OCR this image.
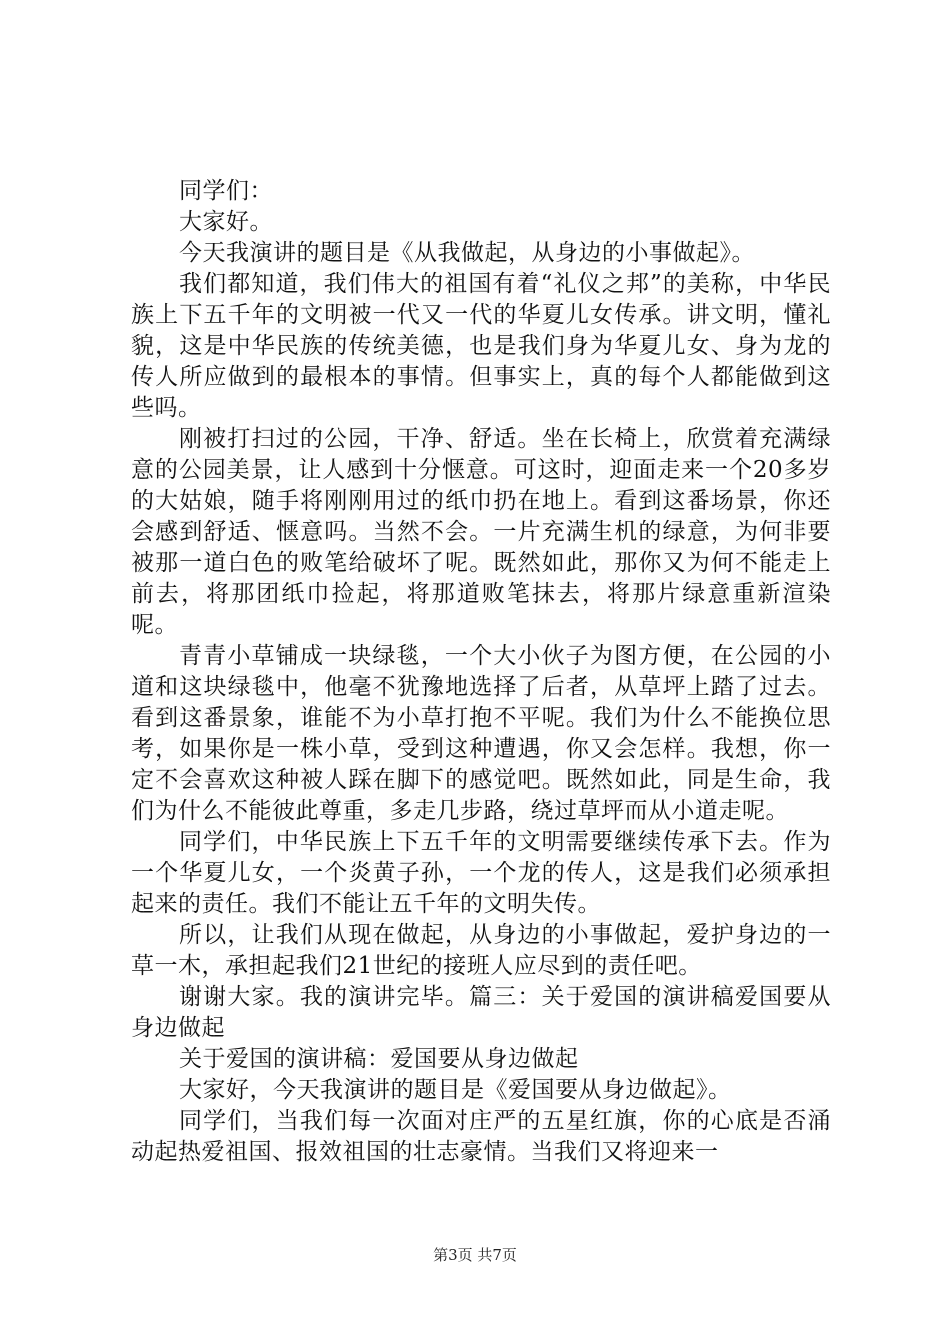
同学们：

大家好。

今天我演讲的题目是《从我做起，从身边的小事做起》。

我们都知道，我们伟大的祖国有着“礼仪之邦”的美称，中华民族上下五千年的文明被一代又一代的华夏儿女传承。讲文明，懂礼貌，这是中华民族的传统美德，也是我们身为华夏儿女、身为龙的传人所应做到的最根本的事情。但事实上，真的每个人都能做到这些吗。

刚被打扫过的公园，干净、舒适。坐在长椅上，欣赏着充满绿意的公园美景，让人感到十分惬意。可这时，迎面走来一个20多岁的大姑娘，随手将刚刚用过的纸巾扔在地上。看到这番场景，你还会感到舒适、惬意吗。当然不会。一片充满生机的绿意，为何非要被那一道白色的败笔给破坏了呢。既然如此，那你又为何不能走上前去，将那团纸巾捡起，将那道败笔抹去，将那片绿意重新渲染呢。

青青小草铺成一块绿毯，一个大小伙子为图方便，在公园的小道和这块绿毯中，他毫不犹豫地选择了后者，从草坪上踏了过去。看到这番景象，谁能不为小草打抱不平呢。我们为什么不能换位思考，如果你是一株小草，受到这种遭遇，你又会怎样。我想，你一定不会喜欢这种被人踩在脚下的感觉吧。既然如此，同是生命，我们为什么不能彼此尊重，多走几步路，绕过草坪而从小道走呢。

同学们，中华民族上下五千年的文明需要继续传承下去。作为一个华夏儿女，一个炎黄子孙，一个龙的传人，这是我们必须承担起来的责任。我们不能让五千年的文明失传。

所以，让我们从现在做起，从身边的小事做起，爱护身边的一草一木，承担起我们21世纪的接班人应尽到的责任吧。

谢谢大家。我的演讲完毕。篇三：关于爱国的演讲稿爱国要从身边做起

关于爱国的演讲稿：爱国要从身边做起

大家好，今天我演讲的题目是《爱国要从身边做起》。

同学们，当我们每一次面对庄严的五星红旗，你的心底是否涌动起热爱祖国、报效祖国的壮志豪情。当我们又将迎来一

第3页 共7页
